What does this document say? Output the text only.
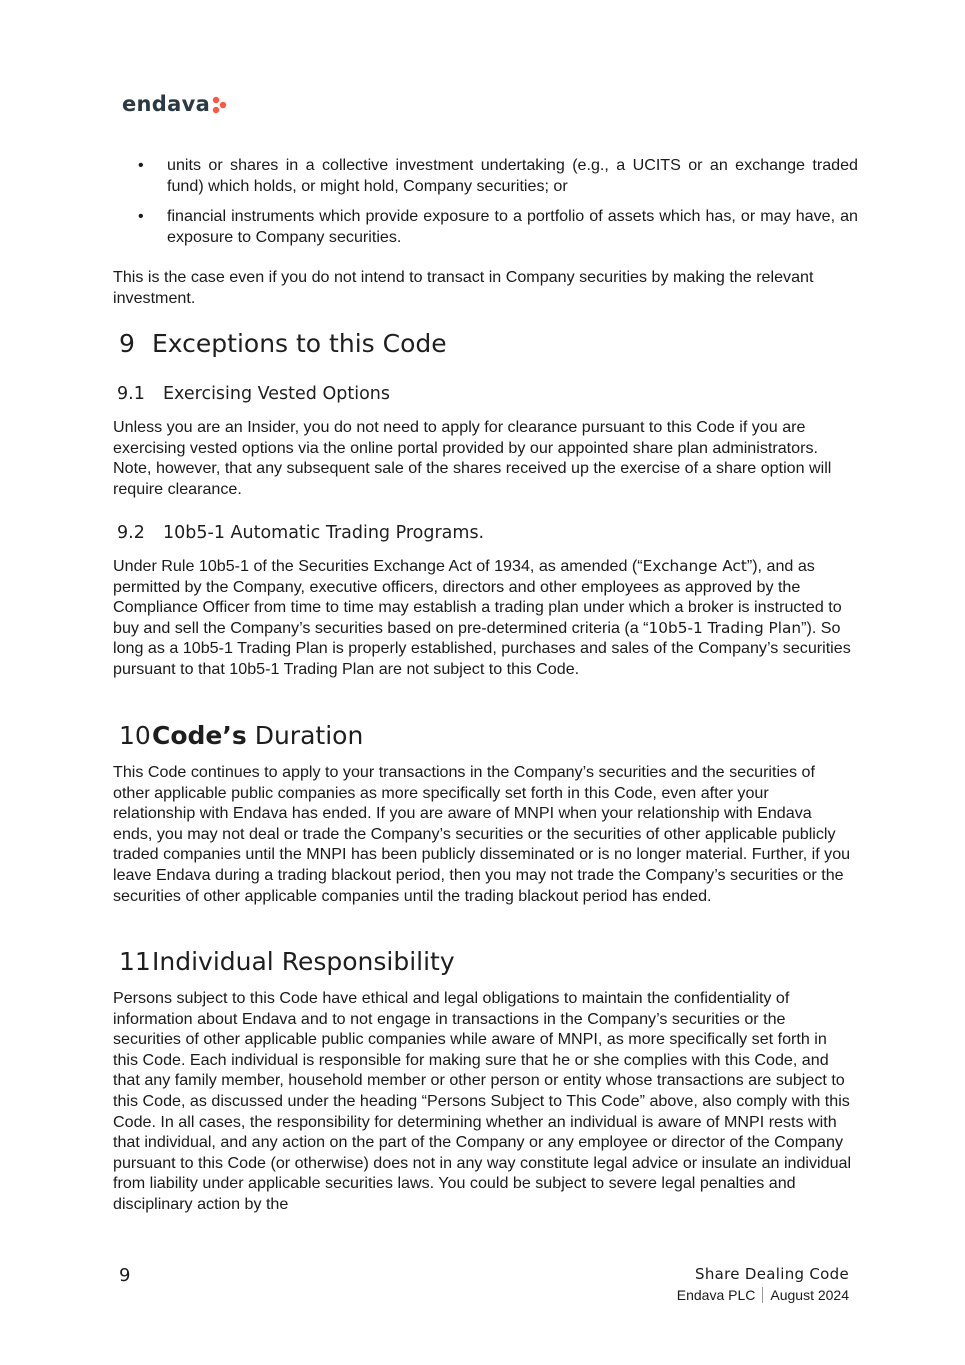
endava
• units or shares in a collective investment undertaking (e.g., a UCITS or an exchange traded fund) which holds, or might hold, Company securities; or
• financial instruments which provide exposure to a portfolio of assets which has, or may have, an exposure to Company securities.
This is the case even if you do not intend to transact in Company securities by making the relevant investment.
9 Exceptions to this Code
9.1	Exercising Vested Options
Unless you are an Insider, you do not need to apply for clearance pursuant to this Code if you are exercising vested options via the online portal provided by our appointed share plan administrators. Note, however, that any subsequent sale of the shares received up the exercise of a share option will require clearance.
9.2	10b5-1 Automatic Trading Programs.
Under Rule 10b5-1 of the Securities Exchange Act of 1934, as amended (“Exchange Act”), and as permitted by the Company, executive officers, directors and other employees as approved by the Compliance Officer from time to time may establish a trading plan under which a broker is instructed to buy and sell the Company’s securities based on pre-determined criteria (a “10b5-1 Trading Plan”). So long as a 10b5-1 Trading Plan is properly established, purchases and sales of the Company’s securities pursuant to that 10b5-1 Trading Plan are not subject to this Code.
10 Code’s Duration
This Code continues to apply to your transactions in the Company’s securities and the securities of other applicable public companies as more specifically set forth in this Code, even after your relationship with Endava has ended. If you are aware of MNPI when your relationship with Endava ends, you may not deal or trade the Company’s securities or the securities of other applicable publicly traded companies until the MNPI has been publicly disseminated or is no longer material. Further, if you leave Endava during a trading blackout period, then you may not trade the Company’s securities or the securities of other applicable companies until the trading blackout period has ended.
11 Individual Responsibility
Persons subject to this Code have ethical and legal obligations to maintain the confidentiality of information about Endava and to not engage in transactions in the Company’s securities or the securities of other applicable public companies while aware of MNPI, as more specifically set forth in this Code. Each individual is responsible for making sure that he or she complies with this Code, and that any family member, household member or other person or entity whose transactions are subject to this Code, as discussed under the heading “Persons Subject to This Code” above, also comply with this Code. In all cases, the responsibility for determining whether an individual is aware of MNPI rests with that individual, and any action on the part of the Company or any employee or director of the Company pursuant to this Code (or otherwise) does not in any way constitute legal advice or insulate an individual from liability under applicable securities laws. You could be subject to severe legal penalties and disciplinary action by the
9	Share Dealing Code
Endava PLC August 2024
